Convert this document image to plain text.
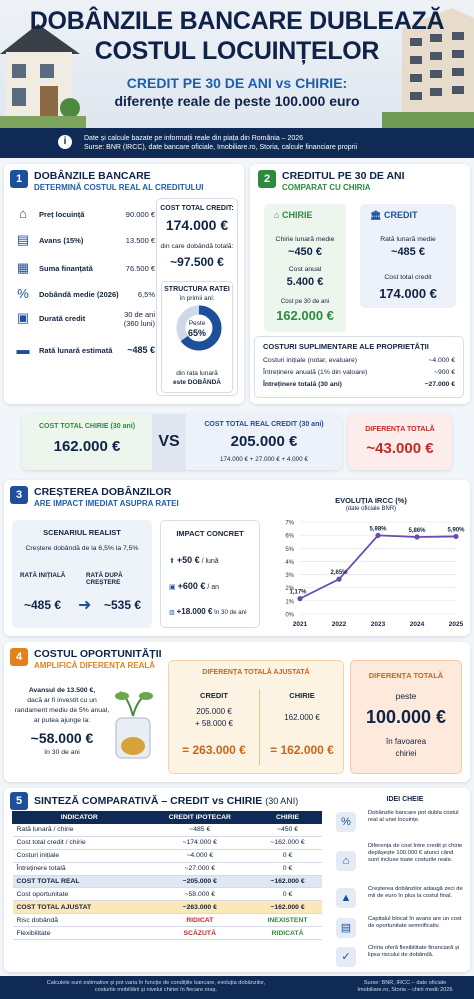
DOBÂNZILE BANCARE DUBLEAZĂ
COSTUL LOCUINȚELOR
CREDIT PE 30 DE ANI vs CHIRIE:
diferențe reale de peste 100.000 euro
i	Date și calcule bazate pe informații reale din piața din România – 2026
Surse: BNR (IRCC), date bancare oficiale, Imobiliare.ro, Storia, calcule financiare proprii
1	DOBÂNZILE BANCARE
DETERMINĂ COSTUL REAL AL CREDITULUI
⌂	Preț locuință	90.000 €
▤	Avans (15%)	13.500 €
▦	Suma finanțată	76.500 €
%	Dobândă medie (2026)	6,5%
▣	Durată credit	30 de ani (360 luni)
▬	Rată lunară estimată ~485 €
COST TOTAL CREDIT:
174.000 €
din care dobândă totală:
~97.500 €
STRUCTURA RATEI
în primii ani:
Peste
65%
din rata lunară
este DOBÂNDĂ
2	CREDITUL PE 30 DE ANI
COMPARAT CU CHIRIA
⌂ CHIRIE
Chirie lunară medie
~450 €
Cost anual
5.400 €
Cost pe 30 de ani
162.000 €
🏛 CREDIT
Rată lunară medie
~485 €
Cost total credit
174.000 €
COSTURI SUPLIMENTARE ALE PROPRIETĂȚII
Costuri inițiale (notar, evaluare)	~4.000 €
Întreținere anuală (1% din valoare)	~900 €
Întreținere totală (30 ani)	~27.000 €
COST TOTAL CHIRIE (30 ani)
162.000 €	VS
COST TOTAL REAL CREDIT (30 ani)
205.000 €
174.000 € + 27.000 € + 4.000 €
DIFERENȚA TOTALĂ
~43.000 €
3	CREȘTEREA DOBÂNZILOR
ARE IMPACT IMEDIAT ASUPRA RATEI
SCENARIUL REALIST
Creștere dobândă de la 6,5% la 7,5%
RATĂ INIȚIALĂ	RATĂ DUPĂ CREȘTERE
~485 € ➜ ~535 €
IMPACT CONCRET
⬆ +50 € / lună
▣ +600 € / an
▥ +18.000 € în 30 de ani
EVOLUȚIA IRCC (%)
(date oficiale BNR)
0%
1%
2%
3%
4%
5%
6%
7%
2021	2022	2023	2024	2025
1,17%
2,65%
5,98%	5,86%	5,90%
4	COSTUL OPORTUNITĂȚII
AMPLIFICĂ DIFERENȚA REALĂ
Avansul de 13.500 €,
dacă ar fi investit cu un
randament mediu de 5% anual,
ar putea ajunge la:
~58.000 €
în 30 de ani
DIFERENȚA TOTALĂ AJUSTATĂ
CREDIT	CHIRIE
205.000 €
+ 58.000 €
162.000 €
= 263.000 €	= 162.000 €
DIFERENȚA TOTALĂ
peste
100.000 €
în favoarea
chiriei
5	SINTEZĂ COMPARATIVĂ – CREDIT vs CHIRIE (30 ANI)	IDEI CHEIE
INDICATOR	CREDIT IPOTECAR	CHIRIE
Rată lunară / chirie	~485 €	~450 €
Cost total credit / chirie	~174.000 €	~162.000 €
Costuri inițiale	~4.000 €	0 €
Întreținere totală	~27.000 €	0 €
COST TOTAL REAL	~205.000 €	~162.000 €
Cost oportunitate	~58.000 €	0 €
COST TOTAL AJUSTAT	~263.000 €	~162.000 €
Risc dobândă	RIDICAT	INEXISTENT
Flexibilitate	SCĂZUTĂ	RIDICATĂ
%
Dobânzile bancare pot dubla costul real al unei locuințe.
⌂
Diferența de cost între credit și chirie depășește 100.000 € atunci când sunt incluse toate costurile reale.
▲
Creșterea dobânzilor adaugă zeci de mii de euro în plus la costul final.
▤
Capitalul blocat în avans are un cost de oportunitate semnificativ.
✓
Chiria oferă flexibilitate financiară și lipsa riscului de dobândă.
Calculele sunt estimative și pot varia în funcție de condițiile bancare, evoluția dobânzilor,
costurile mobiliării și nivelul chiriei în fiecare oraș.
Surse: BNR, IRCC – date oficiale
Imobiliare.ro, Storia – chirii medii 2026
